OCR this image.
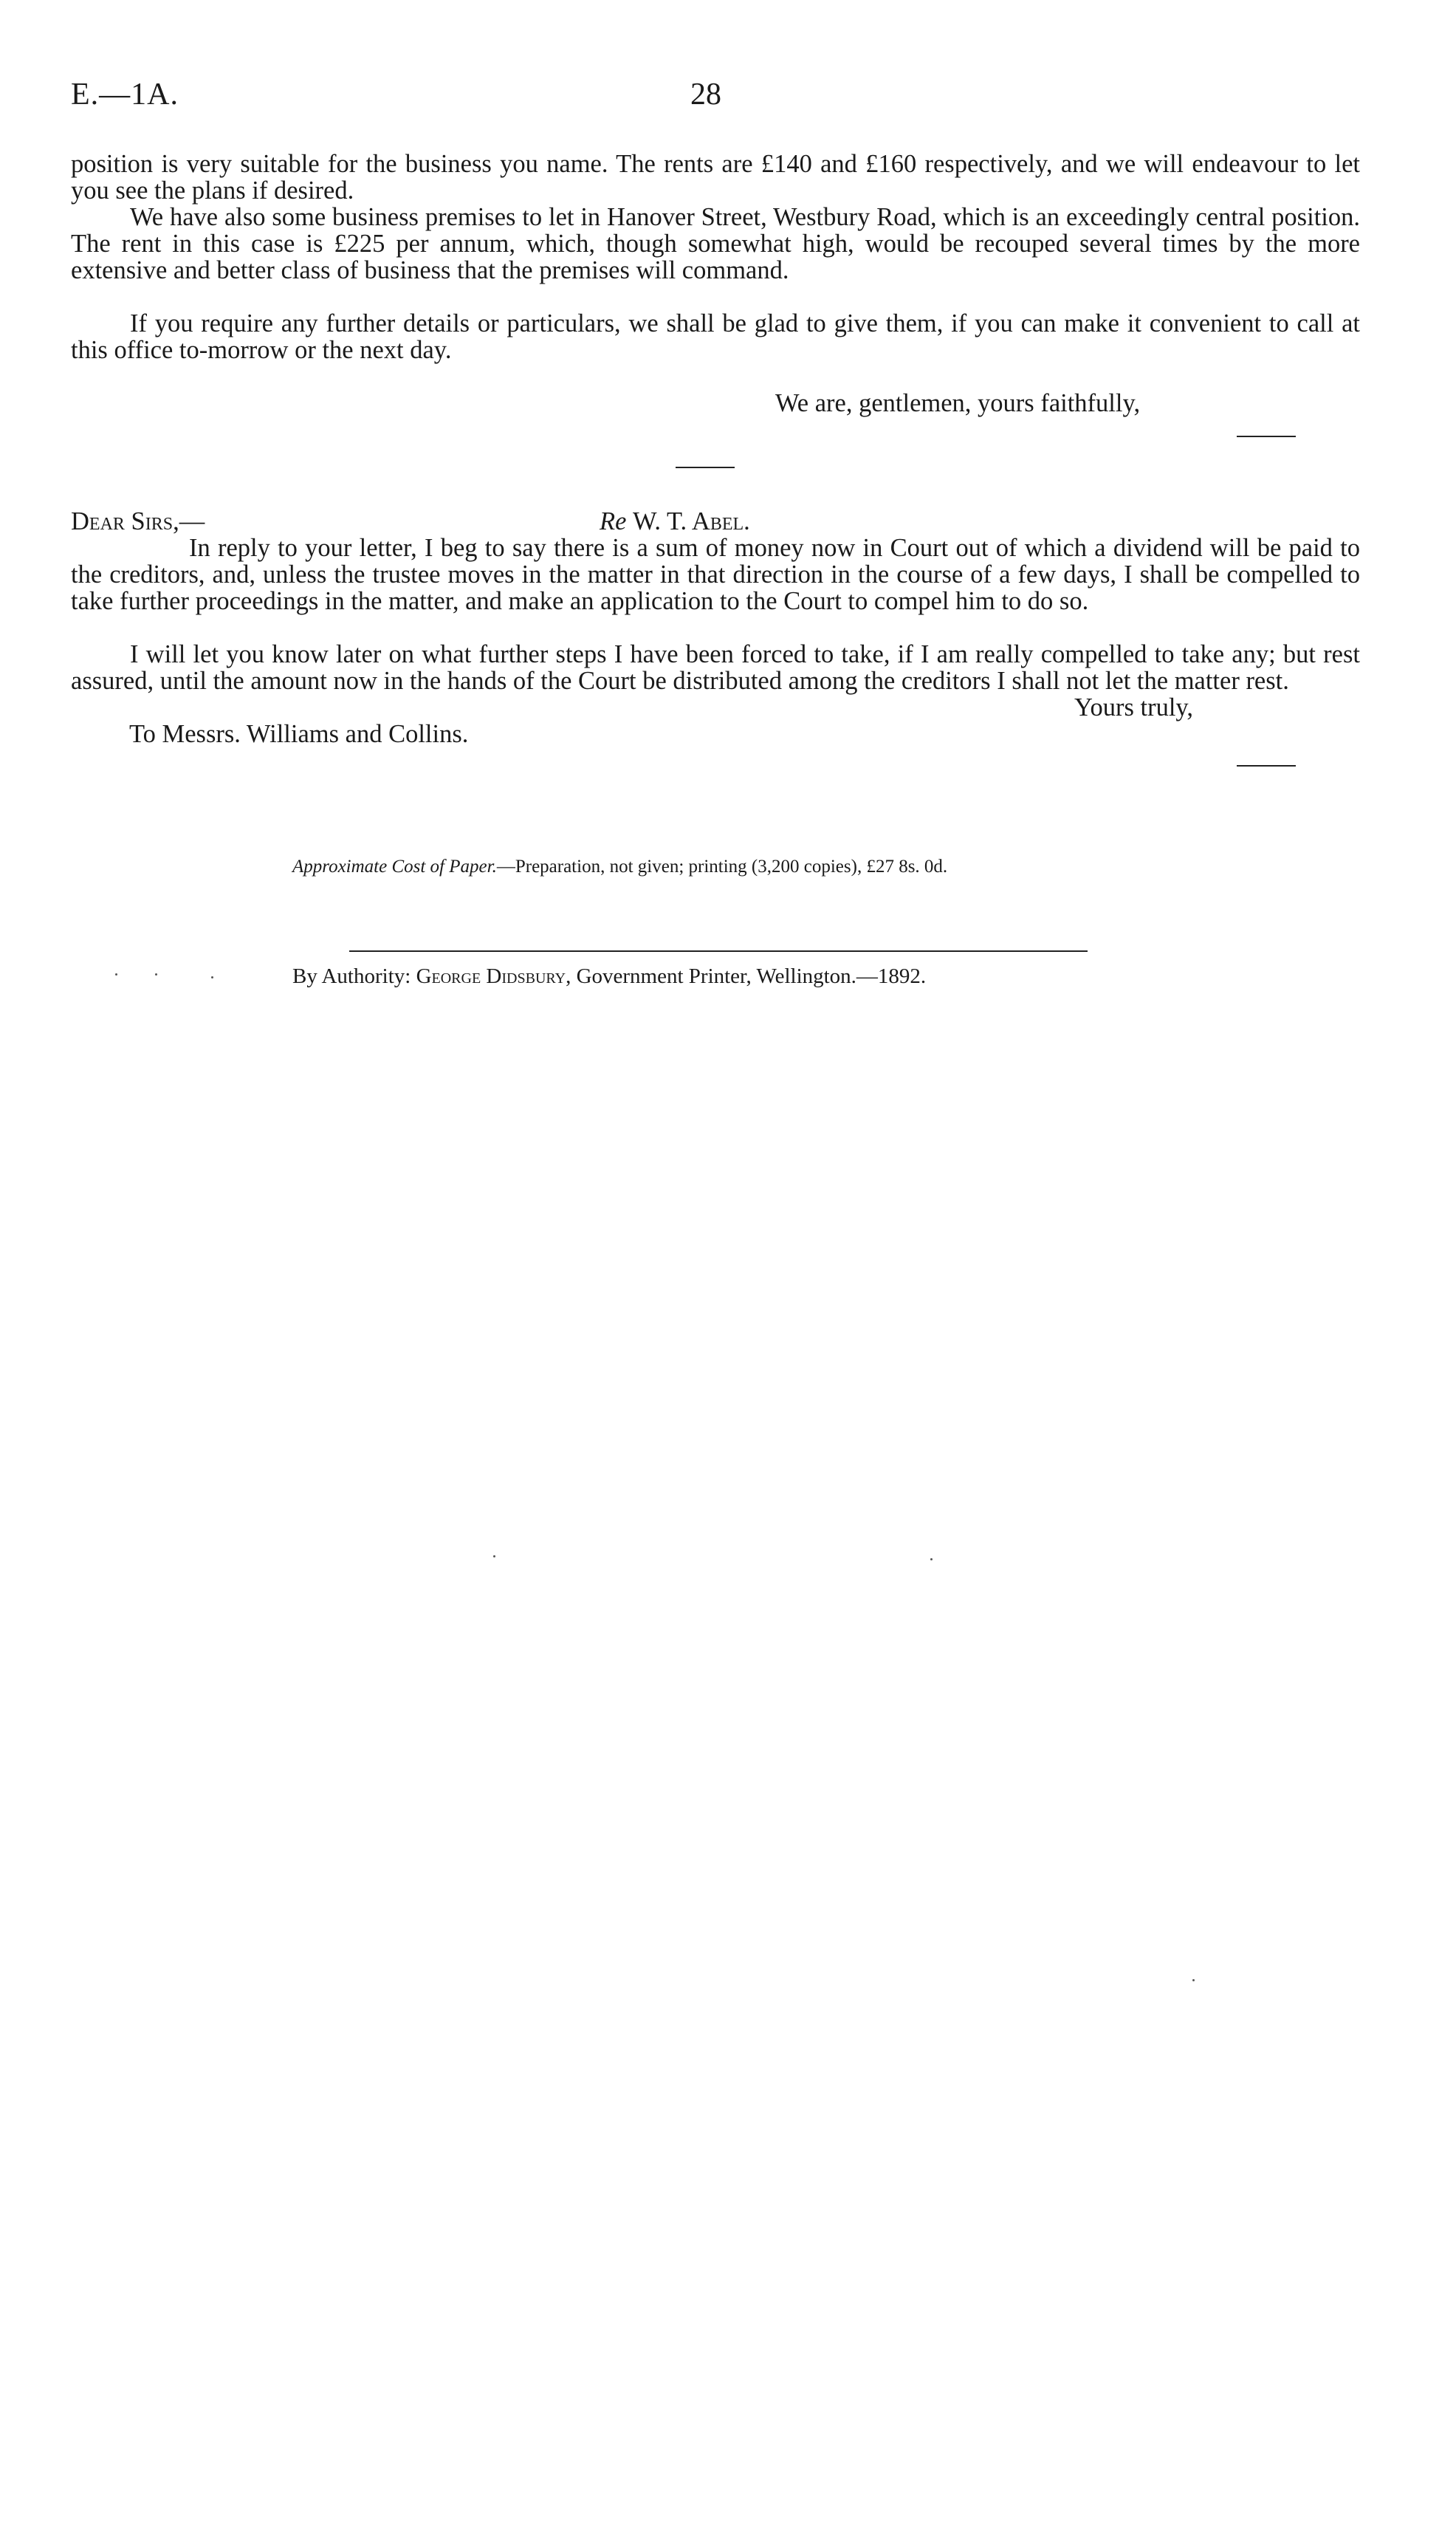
E.—1A.	28
position is very suitable for the business you name. The rents are £140 and £160 respectively, and we will endeavour to let you see the plans if desired.
We have also some business premises to let in Hanover Street, Westbury Road, which is an exceedingly central position. The rent in this case is £225 per annum, which, though somewhat high, would be recouped several times by the more extensive and better class of business that the premises will command.
If you require any further details or particulars, we shall be glad to give them, if you can make it convenient to call at this office to-morrow or the next day.
We are, gentlemen, yours faithfully,
Dear Sirs,—	Re W. T. Abel.
In reply to your letter, I beg to say there is a sum of money now in Court out of which a dividend will be paid to the creditors, and, unless the trustee moves in the matter in that direction in the course of a few days, I shall be compelled to take further proceedings in the matter, and make an application to the Court to compel him to do so.
I will let you know later on what further steps I have been forced to take, if I am really compelled to take any; but rest assured, until the amount now in the hands of the Court be distributed among the creditors I shall not let the matter rest.
Yours truly,
To Messrs. Williams and Collins.
Approximate Cost of Paper.—Preparation, not given; printing (3,200 copies), £27 8s. 0d.
By Authority: George Didsbury, Government Printer, Wellington.—1892.
